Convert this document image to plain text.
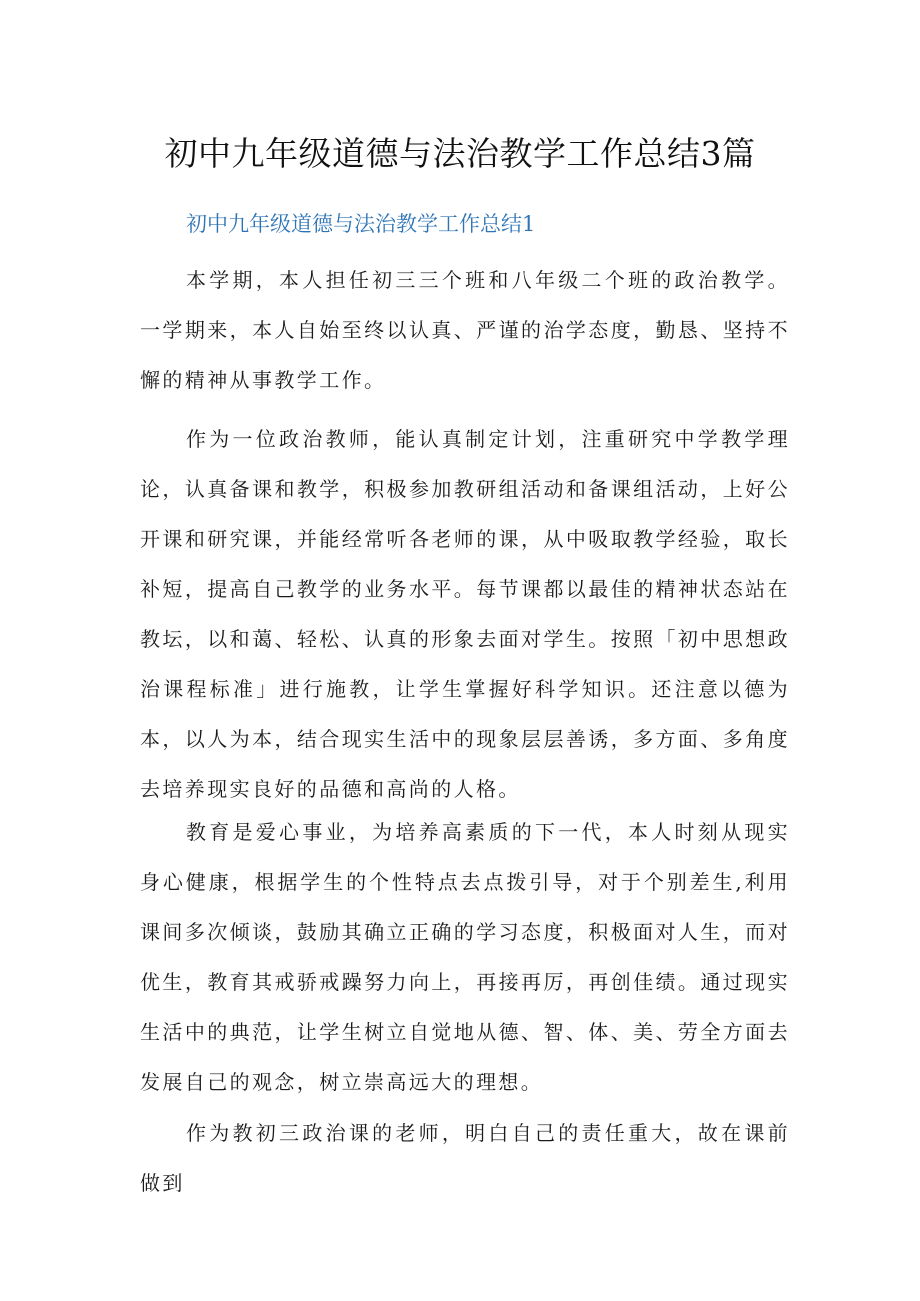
初中九年级道德与法治教学工作总结3篇
初中九年级道德与法治教学工作总结1

本学期，本人担任初三三个班和八年级二个班的政治教学。一学期来，本人自始至终以认真、严谨的治学态度，勤恳、坚持不懈的精神从事教学工作。

作为一位政治教师，能认真制定计划，注重研究中学教学理论，认真备课和教学，积极参加教研组活动和备课组活动，上好公开课和研究课，并能经常听各老师的课，从中吸取教学经验，取长补短，提高自己教学的业务水平。每节课都以最佳的精神状态站在教坛，以和蔼、轻松、认真的形象去面对学生。按照「初中思想政治课程标准」进行施教，让学生掌握好科学知识。还注意以德为本，以人为本，结合现实生活中的现象层层善诱，多方面、多角度去培养现实良好的品德和高尚的人格。

教育是爱心事业，为培养高素质的下一代，本人时刻从现实身心健康，根据学生的个性特点去点拨引导，对于个别差生,利用课间多次倾谈，鼓励其确立正确的学习态度，积极面对人生，而对优生，教育其戒骄戒躁努力向上，再接再厉，再创佳绩。通过现实生活中的典范，让学生树立自觉地从德、智、体、美、劳全方面去发展自己的观念，树立崇高远大的理想。

作为教初三政治课的老师，明白自己的责任重大，故在课前做到
